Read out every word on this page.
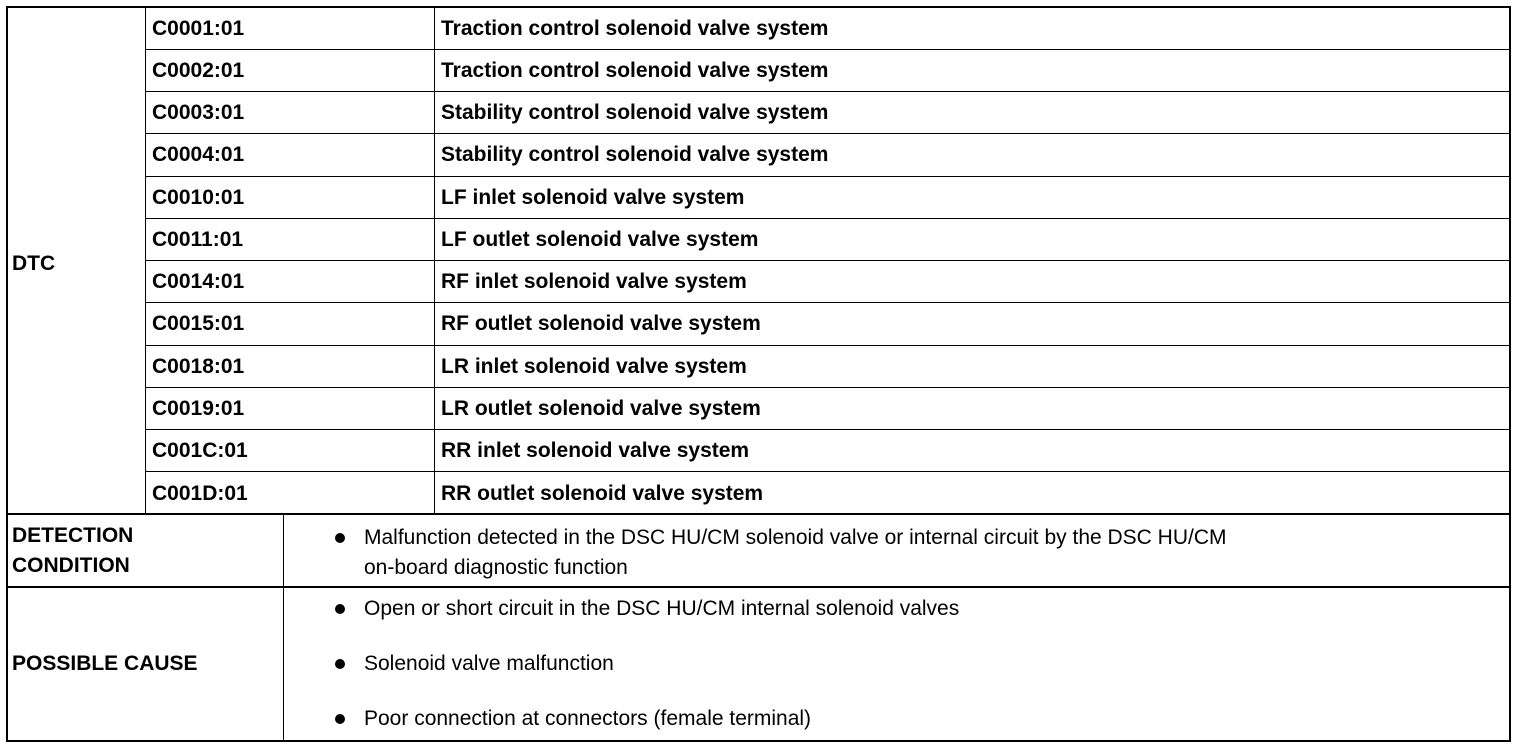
DTC
C0001:01
C0002:01
C0003:01
C0004:01
C0010:01
C0011:01
C0014:01
C0015:01
C0018:01
C0019:01
C001C:01
C001D:01
Traction control solenoid valve system
Traction control solenoid valve system
Stability control solenoid valve system
Stability control solenoid valve system
LF inlet solenoid valve system
LF outlet solenoid valve system
RF inlet solenoid valve system
RF outlet solenoid valve system
LR inlet solenoid valve system
LR outlet solenoid valve system
RR inlet solenoid valve system
RR outlet solenoid valve system
DETECTION
CONDITION
Malfunction detected in the DSC HU/CM solenoid valve or internal circuit by the DSC HU/CM
on-board diagnostic function
POSSIBLE CAUSE
Open or short circuit in the DSC HU/CM internal solenoid valves
Solenoid valve malfunction
Poor connection at connectors (female terminal)
